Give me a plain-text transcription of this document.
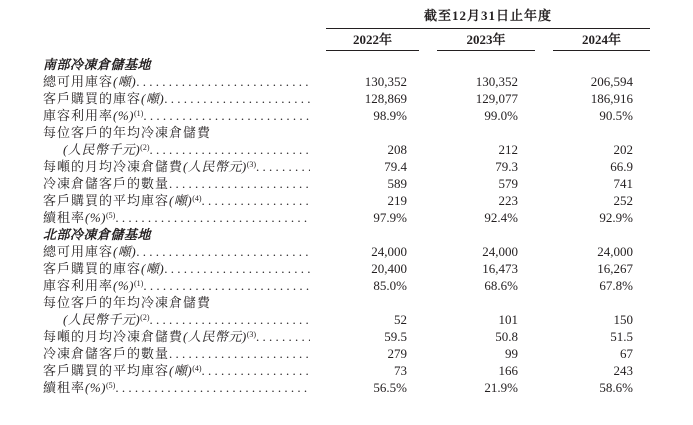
截至12月31日止年度
2022年	2023年	2024年
南部冷凍倉儲基地
總可用庫容 (噸) . . .	130,352	130,352	206,594
客戶購買的庫容 (噸) . . .	128,869	129,077	186,916
庫容利用率 (%)$^{(1)}$ . . .	98.9%	99.0%	90.5%
每位客戶的年均冷凍倉儲費
(人民幣千元)$^{(2)}$ . . .	208	212	202
每噸的月均冷凍倉儲費 (人民幣元)$^{(3)}$ . . .	79.4	79.3	66.9
冷凍倉儲客戶的數量 . . .	589	579	741
客戶購買的平均庫容 (噸)$^{(4)}$ . . .	219	223	252
續租率 (%)$^{(5)}$ . . .	97.9%	92.4%	92.9%
北部冷凍倉儲基地
總可用庫容 (噸) . . .	24,000	24,000	24,000
客戶購買的庫容 (噸) . . .	20,400	16,473	16,267
庫容利用率 (%)$^{(1)}$ . . .	85.0%	68.6%	67.8%
每位客戶的年均冷凍倉儲費
(人民幣千元)$^{(2)}$ . . .	52	101	150
每噸的月均冷凍倉儲費 (人民幣元)$^{(3)}$ . . .	59.5	50.8	51.5
冷凍倉儲客戶的數量 . . .	279	99	67
客戶購買的平均庫容 (噸)$^{(4)}$ . . .	73	166	243
續租率 (%)$^{(5)}$ . . .	56.5%	21.9%	58.6%
